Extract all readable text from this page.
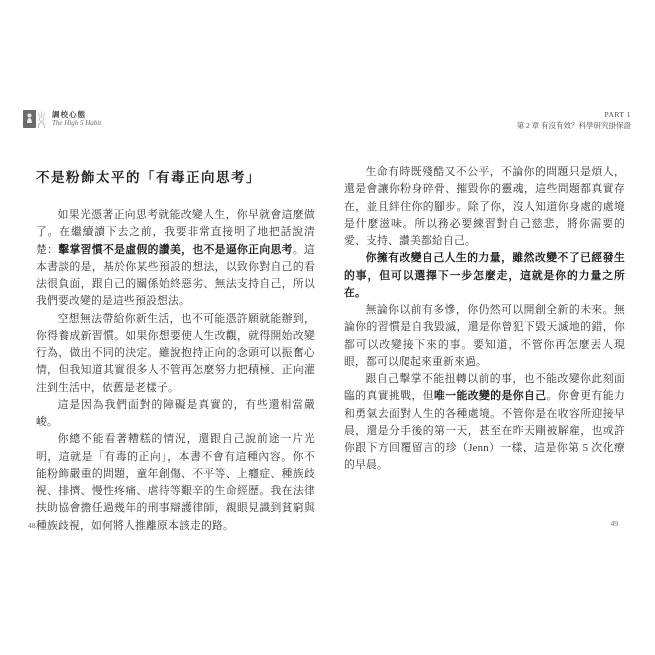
調校心態
The High 5 Habit
PART 1
第 2 章 有沒有效？科學研究掛保證
不是粉飾太平的「有毒正向思考」

如果光憑著正向思考就能改變人生，你早就會這麼做了。在繼續讀下去之前，我要非常直接明了地把話說清楚：擊掌習慣不是虛假的讚美，也不是逼你正向思考。這本書談的是，基於你某些預設的想法，以致你對自己的看法很負面，跟自己的關係始終惡劣、無法支持自己，所以我們要改變的是這些預設想法。

空想無法帶給你新生活，也不可能憑許願就能辦到，你得養成新習慣。如果你想要使人生改觀，就得開始改變行為，做出不同的決定。雖說抱持正向的念頭可以振奮心情，但我知道其實很多人不管再怎麼努力把積極、正向灌注到生活中，依舊是老樣子。

這是因為我們面對的障礙是真實的，有些還相當嚴峻。

你總不能看著糟糕的情況，還跟自己說前途一片光明，這就是「有毒的正向」，本書不會有這種內容。你不能粉飾嚴重的問題，童年創傷、不平等、上癮症、種族歧視、排擠、慢性疼痛、虐待等艱辛的生命經歷。我在法律扶助協會擔任過幾年的刑事辯護律師，親眼見識到貧窮與種族歧視，如何將人推離原本該走的路。

48

生命有時既殘酷又不公平，不論你的問題只是煩人，還是會讓你粉身碎骨、摧毀你的靈魂，這些問題都真實存在，並且絆住你的腳步。除了你，沒人知道你身處的處境是什麼滋味。所以務必要練習對自己慈悲，將你需要的愛、支持、讚美都給自己。

你擁有改變自己人生的力量，雖然改變不了已經發生的事，但可以選擇下一步怎麼走，這就是你的力量之所在。

無論你以前有多慘，你仍然可以開創全新的未來。無論你的習慣是自我毀滅，還是你曾犯下毀天滅地的錯，你都可以改變接下來的事。要知道，不管你再怎麼丟人現眼，都可以爬起來重新來過。

跟自己擊掌不能扭轉以前的事，也不能改變你此刻面臨的真實挑戰，但唯一能改變的是你自己。你會更有能力和勇氣去面對人生的各種處境。不管你是在收容所迎接早晨，還是分手後的第一天，甚至在昨天剛被解雇，也或許你跟下方回覆留言的珍（Jenn）一樣，這是你第 5 次化療的早晨。

49
